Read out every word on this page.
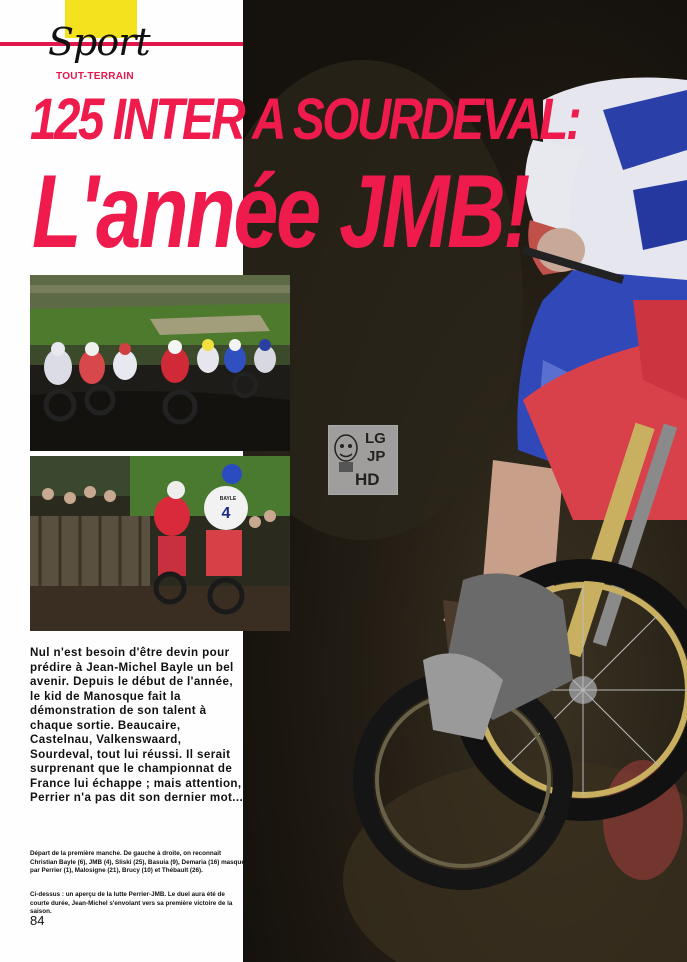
Sport
TOUT-TERRAIN
125 INTER A SOURDEVAL:
L'année JMB!
BAYLE
4
LG
JP
HD

Nul n'est besoin d'être devin pour prédire à Jean-Michel Bayle un bel avenir. Depuis le début de l'année, le kid de Manosque fait la démonstration de son talent à chaque sortie. Beaucaire, Castelnau, Valkenswaard, Sourdeval, tout lui réussi. Il serait surprenant que le championnat de France lui échappe ; mais attention, Perrier n'a pas dit son dernier mot...

Départ de la première manche. De gauche à droite, on reconnait Christian Bayle (6), JMB (4), Sliski (25), Basuia (9), Demaria (16) masqué par Perrier (1), Malosigne (21), Brucy (10) et Thébault (26).

Ci-dessus : un aperçu de la lutte Perrier-JMB. Le duel aura été de courte durée, Jean-Michel s'envolant vers sa première victoire de la saison.

84
